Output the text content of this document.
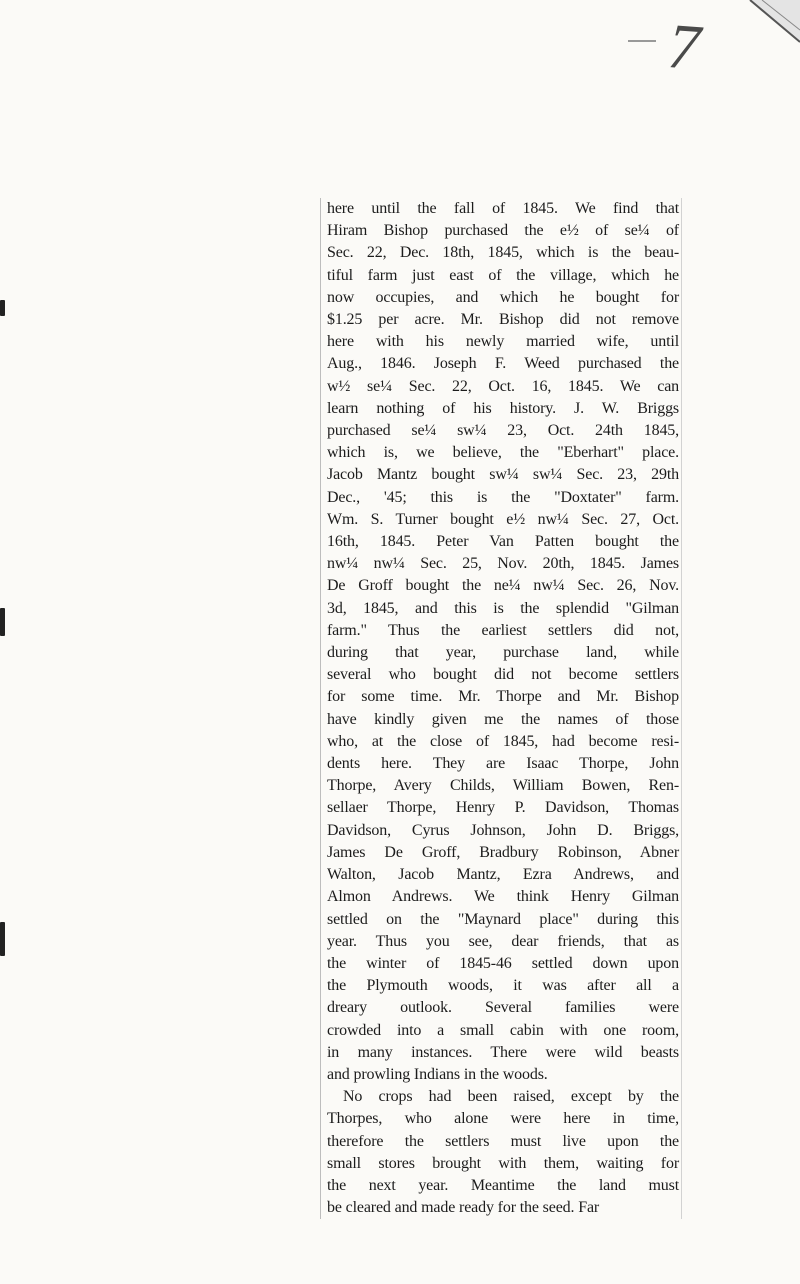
7
here until the fall of 1845. We find that
Hiram Bishop purchased the e½ of se¼ of
Sec. 22, Dec. 18th, 1845, which is the beau-
tiful farm just east of the village, which he
now occupies, and which he bought for
$1.25 per acre. Mr. Bishop did not remove
here with his newly married wife, until
Aug., 1846. Joseph F. Weed purchased the
w½ se¼ Sec. 22, Oct. 16, 1845. We can
learn nothing of his history. J. W. Briggs
purchased se¼ sw¼ 23, Oct. 24th 1845,
which is, we believe, the "Eberhart" place.
Jacob Mantz bought sw¼ sw¼ Sec. 23, 29th
Dec., '45; this is the "Doxtater" farm.
Wm. S. Turner bought e½ nw¼ Sec. 27, Oct.
16th, 1845. Peter Van Patten bought the
nw¼ nw¼ Sec. 25, Nov. 20th, 1845. James
De Groff bought the ne¼ nw¼ Sec. 26, Nov.
3d, 1845, and this is the splendid "Gilman
farm." Thus the earliest settlers did not,
during that year, purchase land, while
several who bought did not become settlers
for some time. Mr. Thorpe and Mr. Bishop
have kindly given me the names of those
who, at the close of 1845, had become resi-
dents here. They are Isaac Thorpe, John
Thorpe, Avery Childs, William Bowen, Ren-
sellaer Thorpe, Henry P. Davidson, Thomas
Davidson, Cyrus Johnson, John D. Briggs,
James De Groff, Bradbury Robinson, Abner
Walton, Jacob Mantz, Ezra Andrews, and
Almon Andrews. We think Henry Gilman
settled on the "Maynard place" during this
year. Thus you see, dear friends, that as
the winter of 1845-46 settled down upon
the Plymouth woods, it was after all a
dreary outlook. Several families were
crowded into a small cabin with one room,
in many instances. There were wild beasts
and prowling Indians in the woods.
No crops had been raised, except by the
Thorpes, who alone were here in time,
therefore the settlers must live upon the
small stores brought with them, waiting for
the next year. Meantime the land must
be cleared and made ready for the seed. Far
